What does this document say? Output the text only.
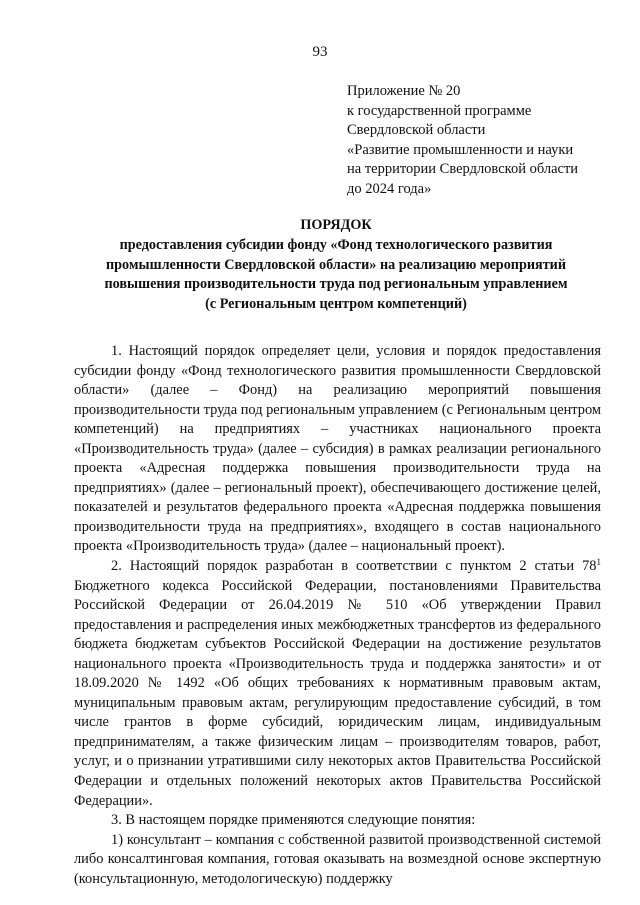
93
Приложение № 20
к государственной программе
Свердловской области
«Развитие промышленности и науки
на территории Свердловской области
до 2024 года»
ПОРЯДОК
предоставления субсидии фонду «Фонд технологического развития
промышленности Свердловской области» на реализацию мероприятий
повышения производительности труда под региональным управлением
(с Региональным центром компетенций)

1. Настоящий порядок определяет цели, условия и порядок предоставления субсидии фонду «Фонд технологического развития промышленности Свердловской области» (далее – Фонд) на реализацию мероприятий повышения производительности труда под региональным управлением (с Региональным центром компетенций) на предприятиях – участниках национального проекта «Производительность труда» (далее – субсидия) в рамках реализации регионального проекта «Адресная поддержка повышения производительности труда на предприятиях» (далее – региональный проект), обеспечивающего достижение целей, показателей и результатов федерального проекта «Адресная поддержка повышения производительности труда на предприятиях», входящего в состав национального проекта «Производительность труда» (далее – национальный проект).

2. Настоящий порядок разработан в соответствии с пунктом 2 статьи $78^1$ Бюджетного кодекса Российской Федерации, постановлениями Правительства Российской Федерации от 26.04.2019 № 510 «Об утверждении Правил предоставления и распределения иных межбюджетных трансфертов из федерального бюджета бюджетам субъектов Российской Федерации на достижение результатов национального проекта «Производительность труда и поддержка занятости» и от 18.09.2020 № 1492 «Об общих требованиях к нормативным правовым актам, муниципальным правовым актам, регулирующим предоставление субсидий, в том числе грантов в форме субсидий, юридическим лицам, индивидуальным предпринимателям, а также физическим лицам – производителям товаров, работ, услуг, и о признании утратившими силу некоторых актов Правительства Российской Федерации и отдельных положений некоторых актов Правительства Российской Федерации».

3. В настоящем порядке применяются следующие понятия:

1) консультант – компания с собственной развитой производственной системой либо консалтинговая компания, готовая оказывать на возмездной основе экспертную (консультационную, методологическую) поддержку
